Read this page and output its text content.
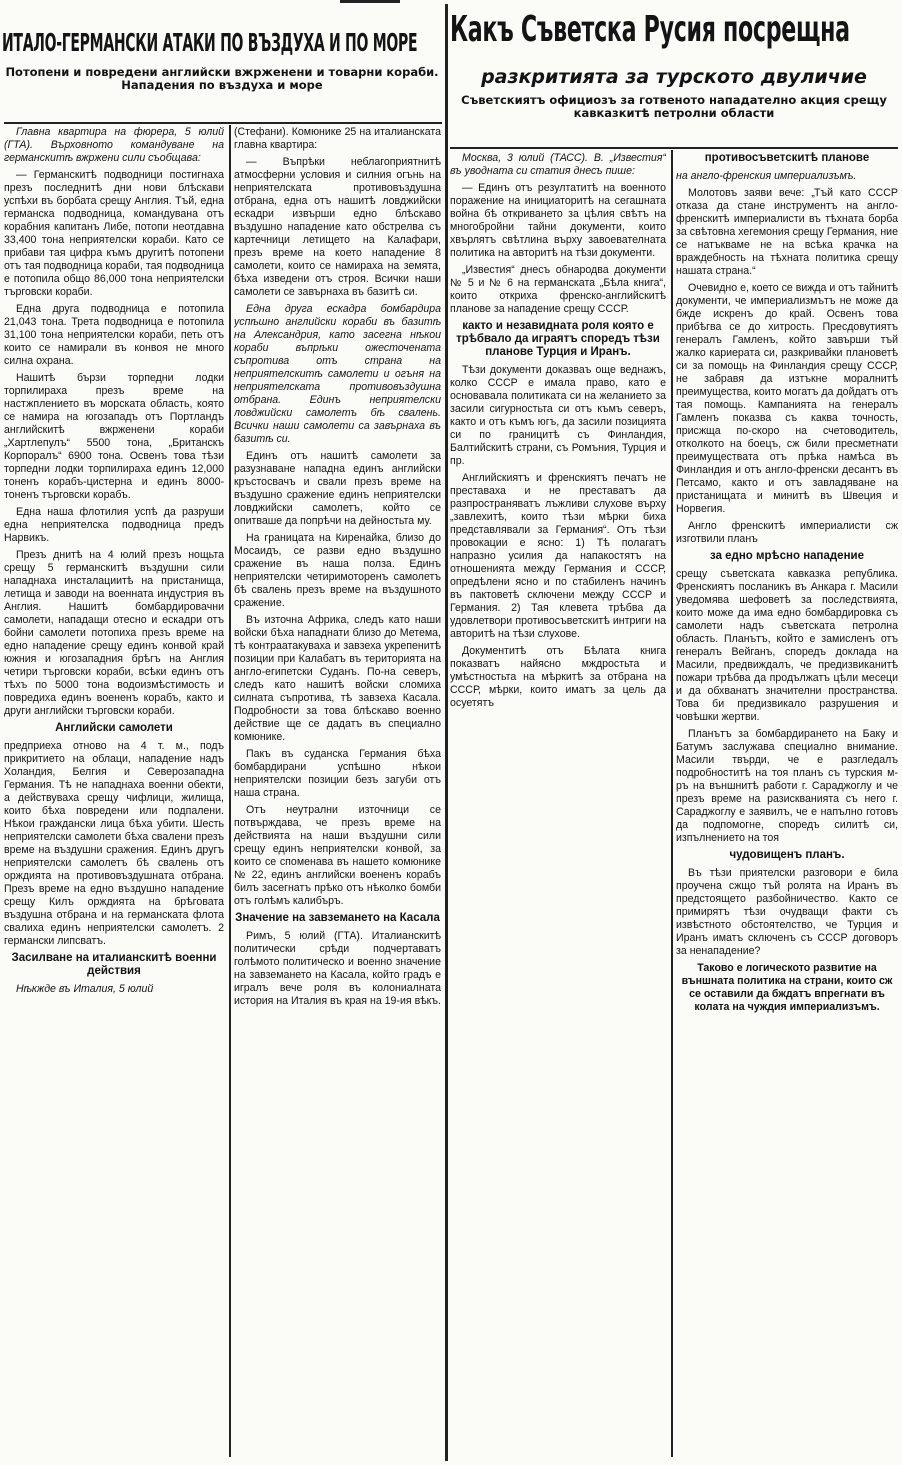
ИТАЛО-ГЕРМАНСКИ АТАКИ ПО ВЪЗДУХА И ПО МОРЕ
Потопени и повредени английски вжрженени и товарни кораби. Нападения по въздуха и море

Главна квартира на фюрера, 5 юлий (ГТА). Върховното командуване на германскитѣ вжржени сили съобщава:

— Германскитѣ подводници постигнаха презъ последнитѣ дни нови блѣскави успѣхи въ борбата срещу Англия. Тъй, една германска подводница, командувана отъ корабния капитанъ Либе, потопи неотдавна 33,400 тона неприятелски кораби. Като се прибави тая цифра къмъ другитѣ потопени отъ тая подводница кораби, тая подводница е потопила общо 86,000 тона неприятелски търговски кораби.

Една друга подводница е потопила 21,043 тона. Трета подводница е потопила 31,100 тона неприятелски кораби, петь отъ които се намирали въ конвоя не много силна охрана.

Нашитѣ бързи торпедни лодки торпилираха презъ време на настжплението въ морската область, която се намира на югозападъ отъ Портландъ английскитѣ вжрженени кораби „Хартлепулъ“ 5500 тона, „Британскъ Корпоралъ“ 6900 тона. Освенъ това тѣзи торпедни лодки торпилираха единъ 12,000 тоненъ корабъ-цистерна и единъ 8000-тоненъ търговски корабъ.

Една наша флотилия успѣ да разруши една неприятелска подводница предъ Нарвикъ.

Презъ днитѣ на 4 юлий презъ нощьта срещу 5 германскитѣ въздушни сили нападнаха инсталациитѣ на пристанища, летища и заводи на военната индустрия въ Англия. Нашитѣ бомбардировачни самолети, нападащи отесно и ескадри отъ бойни самолети потопиха презъ време на едно нападение срещу единъ конвой край южния и югозападния брѣгъ на Англия четири търговски кораби, всѣки единъ отъ тѣхъ по 5000 тона водоизмѣстимость и повредиха единъ воененъ корабъ, както и други английски търговски кораби.

Английски самолети

предприеха отново на 4 т. м., подъ прикритието на облаци, нападение надъ Холандия, Белгия и Северозападна Германия. Тѣ не нападнаха военни обекти, а действуваха срещу чифлици, жилища, които бѣха повредени или подпалени. Нѣкои граждански лица бѣха убити. Шесть неприятелски самолети бѣха свалени презъ време на въздушни сражения. Единъ другъ неприятелски самолетъ бѣ свалень отъ орждията на противовъздушната отбрана. Презъ време на едно въздушно нападение срещу Килъ орждията на брѣговата въздушна отбрана и на германската флота свалиха единъ неприятелски самолетъ. 2 германски липсватъ.

Засилване на италианскитѣ военни действия

Нѣкжде въ Италия, 5 юлий

(Стефани). Комюнике 25 на италианската главна квартира:

— Въпрѣки неблагоприятнитѣ атмосферни условия и силния огънь на неприятелската противовъздушна отбрана, една отъ нашитѣ ловджийски ескадри извърши едно блѣскаво въздушно нападение като обстрелва съ картечници летището на Калафари, презъ време на което нападение 8 самолети, които се намираха на земята, бѣха изведени отъ строя. Всички наши самолети се завърнаха въ базитѣ си.

Една друга ескадра бомбардира успѣшно английски кораби въ базитѣ на Александрия, като засегна нѣкои кораби въпрѣки ожесточената съпротива отъ страна на неприятелскитѣ самолети и огъня на неприятелската противовъздушна отбрана. Единъ неприятелски ловджийски самолетъ бѣ свалень. Всички наши самолети са завърнаха въ базитѣ си.

Единъ отъ нашитѣ самолети за разузнаване нападна единъ английски кръстосвачъ и свали презъ време на въздушно сражение единъ неприятелски ловджийски самолетъ, който се опитваше да попрѣчи на дейностьта му.

На границата на Киренайка, близо до Мосаидъ, се разви едно въздушно сражение въ наша полза. Единъ неприятелски четиримоторенъ самолетъ бѣ свалень презъ време на въздушното сражение.

Въ източна Африка, следъ като наши войски бѣха нападнати близо до Метема, тѣ контраатакуваха и завзеха укрепенитѣ позиции при Калабатъ въ територията на англо-египетски Суданъ. По-на северъ, следъ като нашитѣ войски сломиха силната съпротива, тѣ завзеха Касала. Подробности за това блѣскаво военно действие ще се дадатъ въ специално комюнике.

Пакъ въ суданска Германия бѣха бомбардирани успѣшно нѣкои неприятелски позиции безъ загуби отъ наша страна.

Отъ неутрални източници се потвърждава, че презъ време на действията на наши въздушни сили срещу единъ неприятелски конвой, за които се споменава въ нашето комюнике № 22, единъ английски воененъ корабъ билъ засегнатъ прѣко отъ нѣколко бомби отъ голѣмъ калибъръ.

Значение на завземането на Касала

Римъ, 5 юлий (ГТА). Италианскитѣ политически срѣди подчертаватъ голѣмото политическо и военно значение на завземането на Касала, който градъ е игралъ вече роля въ колониалната история на Италия въ края на 19-ия вѣкъ.

Какъ Съветска Русия посрещна
разкритията за турското двуличие
Съветскиятъ официозъ за готвеното нападателно акция срещу кавказкитѣ петролни области

Москва, 3 юлий (ТАСС). В. „Известия“ въ уводната си статия днесъ пише:

— Единъ отъ резултатитѣ на военното поражение на инициаторитѣ на сегашната война бѣ откриването за цѣлия свѣтъ на многобройни тайни документи, които хвърлятъ свѣтлина върху завоевателната политика на авторитѣ на тѣзи документи.

„Известия“ днесъ обнародва документи № 5 и № 6 на германската „Бѣла книга“, които откриха френско-английскитѣ планове за нападение срещу СССР.

както и незавидната роля която е трѣбвало да играятъ споредъ тѣзи планове Турция и Иранъ.

Тѣзи документи доказваъ още веднажъ, колко СССР е имала право, като е основавала политиката си на желанието за засили сигурностьта си отъ къмъ северъ, както и отъ къмъ югъ, да засили позицията си по границитѣ съ Финландия, Балтийскитѣ страни, съ Ромъния, Турция и пр.

Английскиятъ и френскиятъ печатъ не преставаха и не преставатъ да разпространяватъ лъжливи слухове върху „завлехитѣ, които тѣзи мѣрки биха представлявали за Германия“. Отъ тѣзи провокации е ясно: 1) Тѣ полагатъ напразно усилия да напакостятъ на отношенията между Германия и СССР, опредѣлени ясно и по стабиленъ начинъ въ пактоветѣ сключени между СССР и Германия. 2) Тая клевета трѣбва да удовлетвори противосъветскитѣ интриги на авторитѣ на тѣзи слухове.

Документитѣ отъ Бѣлата книга показватъ найясно мждростьта и умѣстностьта на мѣркитѣ за отбрана на СССР, мѣрки, които иматъ за цель да осуетятъ

противосъветскитѣ планове

на англо-френския империализъмъ.

Молотовъ заяви вече: „Тъй като СССР отказа да стане инструментъ на англо-френскитѣ империалисти въ тѣхната борба за свѣтовна хегемония срещу Германия, ние се натъкваме не на всѣка крачка на враждебность на тѣхната политика срещу нашата страна.“

Очевидно е, което се вижда и отъ тайнитѣ документи, че империализмътъ не може да бжде искренъ до край. Освенъ това прибѣгва се до хитрость. Пресдовутиятъ генералъ Гамленъ, който завърши тъй жалко кариерата си, разкривайки плановетѣ си за помощь на Финландия срещу СССР, не забравя да изтъкне моралнитѣ преимущества, които могатъ да дойдатъ отъ тая помощь. Кампанията на генералъ Гамленъ показва съ каква точность, присжща по-скоро на счетоводитель, отколкото на боецъ, сж били пресметнати преимуществата отъ прѣка намѣса въ Финландия и отъ англо-френски десантъ въ Петсамо, както и отъ завладяване на пристанищата и минитѣ въ Швеция и Норвегия.

Англо френскитѣ империалисти сж изготвили планъ

за едно мрѣсно нападение

срещу съветската кавказка република. Френскиятъ посланикъ въ Анкара г. Масили уведомява шефоветѣ за последствията, които може да има едно бомбардировка съ самолети надъ съветската петролна область. Планътъ, който е замисленъ отъ генералъ Вейганъ, споредъ доклада на Масили, предвиждалъ, че предизвиканитѣ пожари трѣбва да продължатъ цѣли месеци и да обхванатъ значителни пространства. Това би предизвикало разрушения и човѣшки жертви.

Планътъ за бомбардирането на Баку и Батумъ заслужава специално внимание. Масили твърди, че е разгледалъ подробноститѣ на тоя планъ съ турския м-ръ на външнитѣ работи г. Сараджоглу и че презъ време на разискванията съ него г. Сараджоглу е заявилъ, че е напълно готовъ да подпомогне, споредъ силитѣ си, изпълнението на тоя

чудовищенъ планъ.

Въ тѣзи приятелски разговори е била проучена сжщо тъй ролята на Иранъ въ предстоящето разбойничество. Както се примирятъ тѣзи очудващи факти съ извѣстното обстоятелство, че Турция и Иранъ иматъ сключенъ съ СССР договоръ за ненападение?

Таково е логическото развитие на външната политика на страни, които сж се оставили да бждатъ впрегнати въ колата на чуждия империализъмъ.
